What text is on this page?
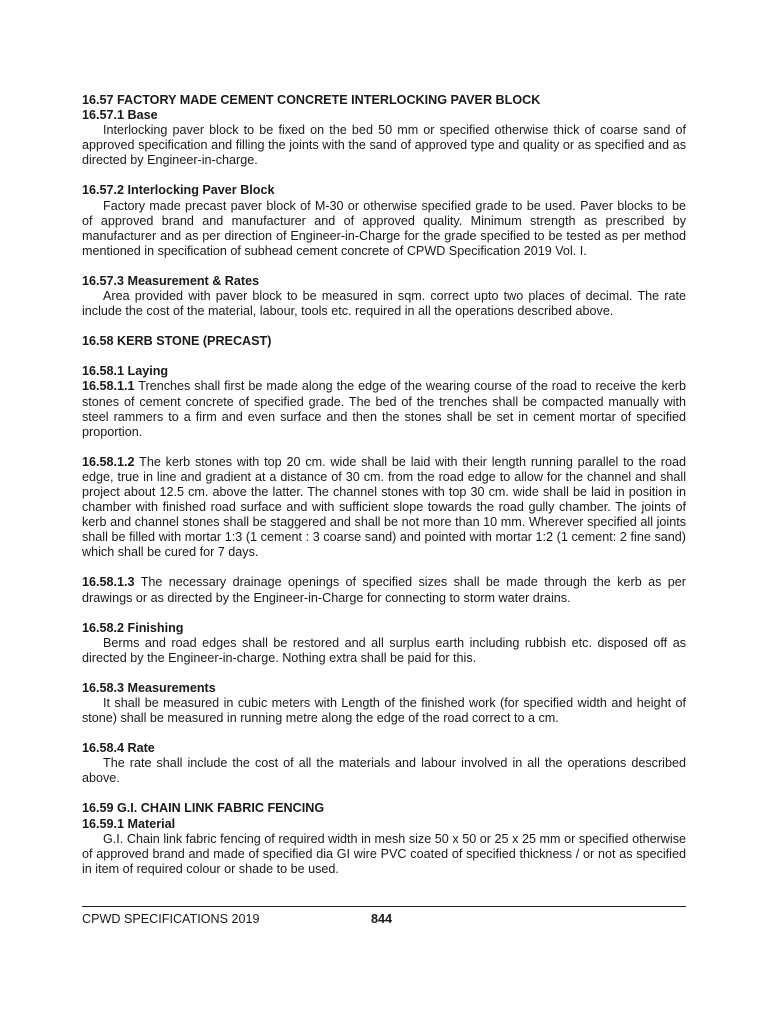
16.57 FACTORY MADE CEMENT CONCRETE INTERLOCKING PAVER BLOCK
16.57.1 Base

Interlocking paver block to be fixed on the bed 50 mm or specified otherwise thick of coarse sand of approved specification and filling the joints with the sand of approved type and quality or as specified and as directed by Engineer-in-charge.

16.57.2 Interlocking Paver Block

Factory made precast paver block of M-30 or otherwise specified grade to be used. Paver blocks to be of approved brand and manufacturer and of approved quality. Minimum strength as prescribed by manufacturer and as per direction of Engineer-in-Charge for the grade specified to be tested as per method mentioned in specification of subhead cement concrete of CPWD Specification 2019 Vol. I.

16.57.3 Measurement & Rates

Area provided with paver block to be measured in sqm. correct upto two places of decimal. The rate include the cost of the material, labour, tools etc. required in all the operations described above.

16.58 KERB STONE (PRECAST)
16.58.1 Laying

16.58.1.1 Trenches shall first be made along the edge of the wearing course of the road to receive the kerb stones of cement concrete of specified grade. The bed of the trenches shall be compacted manually with steel rammers to a firm and even surface and then the stones shall be set in cement mortar of specified proportion.

16.58.1.2 The kerb stones with top 20 cm. wide shall be laid with their length running parallel to the road edge, true in line and gradient at a distance of 30 cm. from the road edge to allow for the channel and shall project about 12.5 cm. above the latter. The channel stones with top 30 cm. wide shall be laid in position in chamber with finished road surface and with sufficient slope towards the road gully chamber. The joints of kerb and channel stones shall be staggered and shall be not more than 10 mm. Wherever specified all joints shall be filled with mortar 1:3 (1 cement : 3 coarse sand) and pointed with mortar 1:2 (1 cement: 2 fine sand) which shall be cured for 7 days.

16.58.1.3 The necessary drainage openings of specified sizes shall be made through the kerb as per drawings or as directed by the Engineer-in-Charge for connecting to storm water drains.

16.58.2 Finishing

Berms and road edges shall be restored and all surplus earth including rubbish etc. disposed off as directed by the Engineer-in-charge. Nothing extra shall be paid for this.

16.58.3 Measurements

It shall be measured in cubic meters with Length of the finished work (for specified width and height of stone) shall be measured in running metre along the edge of the road correct to a cm.

16.58.4 Rate

The rate shall include the cost of all the materials and labour involved in all the operations described above.

16.59 G.I. CHAIN LINK FABRIC FENCING
16.59.1 Material

G.I. Chain link fabric fencing of required width in mesh size 50 x 50 or 25 x 25 mm or specified otherwise of approved brand and made of specified dia GI wire PVC coated of specified thickness / or not as specified in item of required colour or shade to be used.

CPWD SPECIFICATIONS 2019	844
